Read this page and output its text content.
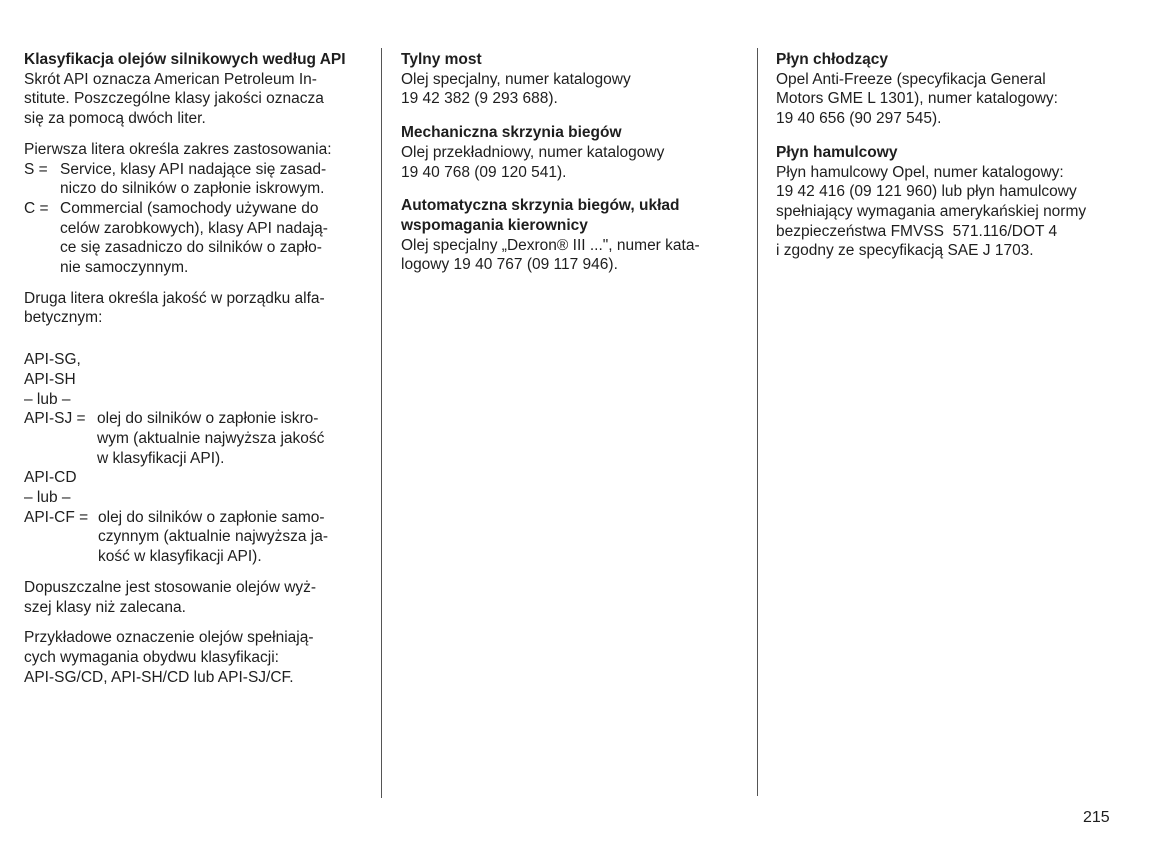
Klasyfikacja olejów silnikowych według API
Skrót API oznacza American Petroleum In-
stitute. Poszczególne klasy jakości oznacza
się za pomocą dwóch liter.
Pierwsza litera określa zakres zastosowania:
S = Service, klasy API nadające się zasad-
niczo do silników o zapłonie iskrowym.
C = Commercial (samochody używane do
celów zarobkowych), klasy API nadają-
ce się zasadniczo do silników o zapło-
nie samoczynnym.
Druga litera określa jakość w porządku alfa-
betycznym:
API-SG,
API-SH
– lub –
API-SJ = olej do silników o zapłonie iskro-
wym (aktualnie najwyższa jakość
w klasyfikacji API).
API-CD
– lub –
API-CF = olej do silników o zapłonie samo-
czynnym (aktualnie najwyższa ja-
kość w klasyfikacji API).
Dopuszczalne jest stosowanie olejów wyż-
szej klasy niż zalecana.
Przykładowe oznaczenie olejów spełniają-
cych wymagania obydwu klasyfikacji:
API-SG/CD, API-SH/CD lub API-SJ/CF.
Tylny most
Olej specjalny, numer katalogowy
19 42 382 (9 293 688).
Mechaniczna skrzynia biegów
Olej przekładniowy, numer katalogowy
19 40 768 (09 120 541).
Automatyczna skrzynia biegów, układ
wspomagania kierownicy
Olej specjalny „Dexron® III ...", numer kata-
logowy 19 40 767 (09 117 946).
Płyn chłodzący
Opel Anti-Freeze (specyfikacja General
Motors GME L 1301), numer katalogowy:
19 40 656 (90 297 545).
Płyn hamulcowy
Płyn hamulcowy Opel, numer katalogowy:
19 42 416 (09 121 960) lub płyn hamulcowy
spełniający wymagania amerykańskiej normy
bezpieczeństwa FMVSS  571.116/DOT 4
i zgodny ze specyfikacją SAE J 1703.
215
